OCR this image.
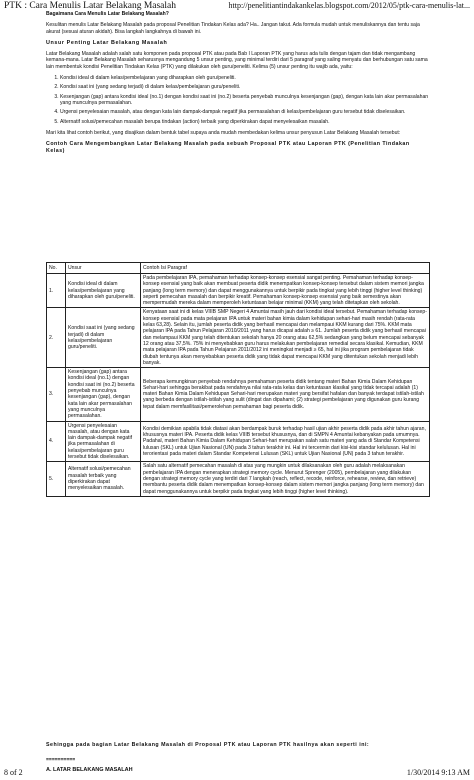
PTK : Cara Menulis Latar Belakang Masalah	http://penelitiantindakankelas.blogspot.com/2012/05/ptk-cara-menulis-lat...

Bagaimana Cara Menulis Latar Belakang Masalah?

Kesulitan menulis Latar Belakang Masalah pada proposal Penelitian Tindakan Kelas ada? Ha.. Jangan takut. Ada formula mudah untuk menuliskannya dan tentu saja akurat (sesuai aturan akidah). Bisa langkah langkahnya di bawah ini.

Unsur Penting Latar Belakang Masalah

Latar Belakang Masalah adalah salah satu komponen pada proposal PTK atau pada Bab I Laporan PTK yang harus ada tulis dengan tajam dan tidak mengambang kemana-mana. Latar Belakang Masalah seharusnya mengandung 5 unsur penting, yang minimal terdiri dari 5 paragraf yang saling menyatu dan berhubungan satu sama lain membentuk kondisi Penelitian Tindakan Kelas (PTK) yang dilakukan oleh guru/peneliti. Kelima (5) unsur penting itu wajib ada, yaitu:

1. Kondisi ideal di dalam kelas/pembelajaran yang diharapkan oleh guru/peneliti.
2. Kondisi saat ini (yang sedang terjadi) di dalam kelas/pembelajaran guru/peneliti.
3. Kesenjangan (gap) antara kondisi ideal (no.1) dengan kondisi saat ini (no.2) beserta penyebab munculnya kesenjangan (gap), dengan kata lain akar permasalahan yang munculnya permasalahan.
4. Urgensi penyelesaian masalah, atau dengan kata lain dampak-dampak negatif jika permasalahan di kelas/pembelajaran guru tersebut tidak diselesaikan.
5. Alternatif solusi/pemecahan masalah berupa tindakan (action) terbaik yang diperkirakan dapat menyelesaikan masalah.

Mari kita lihat contoh berikut, yang disajikan dalam bentuk tabel supaya anda mudah membedakan kelima unsur penyusun Latar Belakang Masalah tersebut:

Contoh Cara Mengembangkan Latar Belakang Masalah pada sebuah Proposal PTK atau Laporan PTK (Penelitian Tindakan Kelas)

No.	Unsur	Contoh Isi Paragraf
1.	Kondisi ideal di dalam kelas/pembelajaran yang diharapkan oleh guru/peneliti.	Pada pembelajaran IPA, pemahaman terhadap konsep-konsep esensial sangat penting. Pemahaman terhadap konsep-konsep esensial yang baik akan membuat peserta didik menempatkan konsep-konsep tersebut dalam sistem memori jangka panjang (long term memory) dan dapat menggunakannya untuk berpikir pada tingkat yang lebih tinggi (higher level thinking) seperti pemecahan masalah dan berpikir kreatif. Pemahaman konsep-konsep esensial yang baik semestinya akan mempermudah mereka dalam memperoleh ketuntasan belajar minimal (KKM) yang telah ditetapkan oleh sekolah.
2.	Kondisi saat ini (yang sedang terjadi) di dalam kelas/pembelajaran guru/peneliti.	Kenyataan saat ini di kelas VIIIB SMP Negeri 4 Amuntai masih jauh dari kondisi ideal tersebut. Pemahaman terhadap konsep-konsep esensial pada mata pelajaran IPA untuk materi bahan kimia dalam kehidupan sehari-hari masih rendah (rata-rata kelas 63,28). Selain itu, jumlah peserta didik yang berhasil mencapai dan melampaui KKM kurang dari 75%. KKM mata pelajaran IPA pada Tahun Pelajaran 2010/2011 yang harus dicapai adalah ≥ 61. Jumlah peserta didik yang berhasil mencapai dan melampaui KKM yang telah ditentukan sekolah hanya 20 orang atau 62,5% sedangkan yang belum mencapai sebanyak 12 orang atau 37,5%. 75% ini menyebabkan guru harus melakukan pembelajaran remedial secara klasikal. Kemudian, KKM mata pelajaran IPA pada Tahun Pelajaran 2011/2012 ini meningkat menjadi ≥ 65, hal ini jika program pembelajaran tidak diubah tentunya akan menyebabkan peserta didik yang tidak dapat mencapai KKM yang ditentukan sekolah menjadi lebih banyak.
3.	Kesenjangan (gap) antara kondisi ideal (no.1) dengan kondisi saat ini (no.2) beserta penyebab munculnya kesenjangan (gap), dengan kata lain akar permasalahan yang munculnya permasalahan.	Beberapa kemungkinan penyebab rendahnya pemahaman peserta didik tentang materi Bahan Kimia Dalam Kehidupan Sehari-hari sehingga berakibat pada rendahnya nilai rata-rata kelas dan ketuntasan klasikal yang tidak tercapai adalah (1) materi Bahan Kimia Dalam Kehidupan Sehari-hari merupakan materi yang bersifat hafalan dan banyak terdapat istilah-istilah yang berbeda dengan istilah-istilah yang sulit (dingat dan dipahami; (2) strategi pembelajaran yang digunakan guru kurang tepat dalam memfasilitasi/pemerolehan pemahaman bagi peserta didik.
4.	Urgensi penyelesaian masalah, atau dengan kata lain dampak-dampak negatif jika permasalahan di kelas/pembelajaran guru tersebut tidak diselesaikan.	Kondisi demikian apabila tidak diatasi akan berdampak buruk terhadap hasil ujian akhir peserta didik pada akhir tahun ajaran, khususnya materi IPA. Peserta didik kelas VIIIB tersebut khususnya, dan di SMPN 4 Amuntai kebanyakan pada umumnya. Padahal, materi Bahan Kimia Dalam Kehidupan Sehari-hari merupakan salah satu materi yang ada di Standar Kompetensi lulusan (SKL) untuk Ujian Nasional (UN) pada 3 tahun terakhir ini. Hal ini tercermin dari kisi-kisi standar kelulusan. Hal ini terorientasi pada materi dalam Standar Kompetensi Lulusan (SKL) untuk Ujian Nasional (UN) pada 3 tahun terakhir.
5.	Alternatif solusi/pemecahan masalah terbaik yang diperkirakan dapat menyelesaikan masalah.	Salah satu alternatif pemecahan masalah di atas yang mungkin untuk dilaksanakan oleh guru adalah melaksanakan pembelajaran IPA dengan menerapkan strategi memory cycle. Menurut Sprenger (2005), pembelajaran yang dilakukan dengan strategi memory cycle yang terdiri dari 7 langkah (reach, reflect, recode, reinforce, rehearse, review, dan retrieve) membantu peserta didik dalam menempatkan konsep-konsep dalam sistem memori jangka panjang (long term memory) dan dapat menggunakannya untuk berpikir pada tingkat yang lebih tinggi (higher level thinking).
Sehingga pada bagian Latar Belakang Masalah di Proposal PTK atau Laporan PTK hasilnya akan seperti ini:
==========
8 of 2	A. LATAR BELAKANG MASALAH	1/30/2014 9:13 AM
